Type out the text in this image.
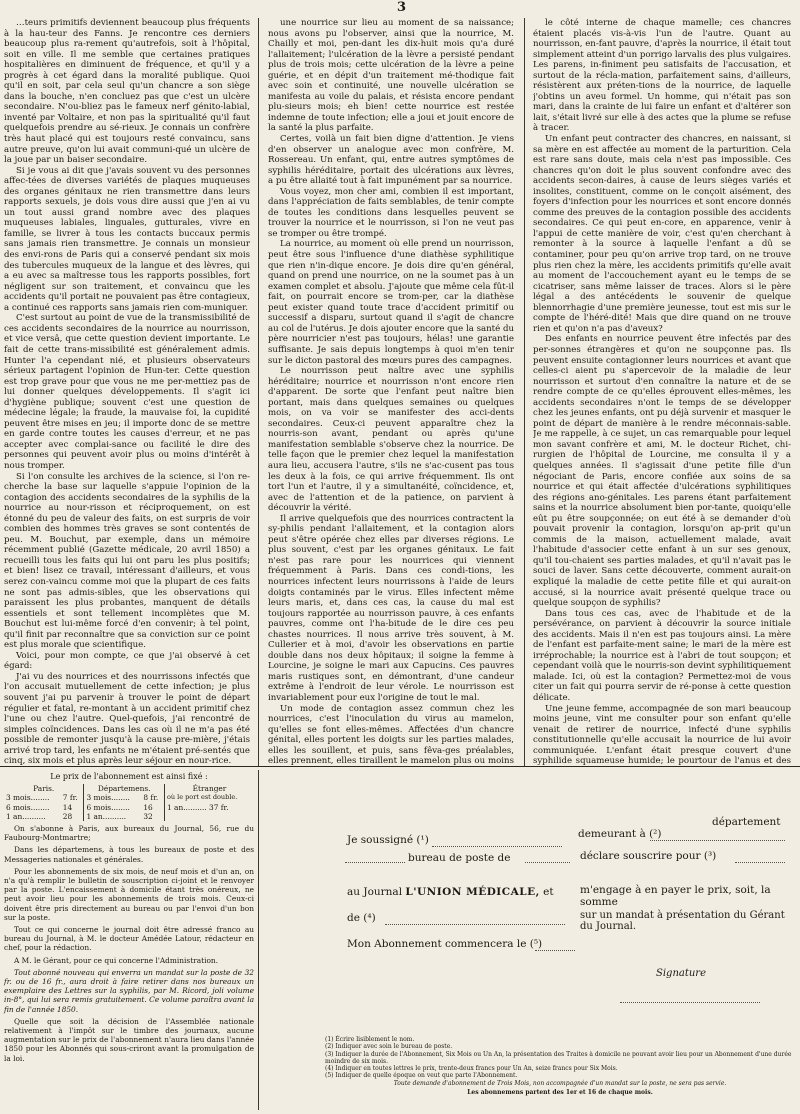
3

…teurs primitifs deviennent beaucoup plus fréquents à la hau-teur des Fanns. Je rencontre ces derniers beaucoup plus ra-rement qu'autrefois, soit à l'hôpital, soit en ville. Il me semble que certaines pratiques hospitalières en diminuent de fréquence, et qu'il y a progrès à cet égard dans la moralité publique. Quoi qu'il en soit, par cela seul qu'un chancre a son siège dans la bouche, n'en concluez pas que c'est un ulcère secondaire. N'ou-bliez pas le fameux nerf génito-labial, inventé par Voltaire, et non pas la spiritualité qu'il faut quelquefois prendre au sé-rieux. Je connais un confrère très haut placé qui est toujours resté convaincu, sans autre preuve, qu'on lui avait communi-qué un ulcère de la joue par un baiser secondaire.

Si je vous ai dit que j'avais souvent vu des personnes affec-tées de diverses variétés de plaques muqueuses des organes génitaux ne rien transmettre dans leurs rapports sexuels, je dois vous dire aussi que j'en ai vu un tout aussi grand nombre avec des plaques muqueuses labiales, linguales, gutturales, vivre en famille, se livrer à tous les contacts buccaux permis sans jamais rien transmettre. Je connais un monsieur des envi-rons de Paris qui a conservé pendant six mois des tubercules muqueux de la langue et des lèvres, qui a eu avec sa maîtresse tous les rapports possibles, fort négligent sur son traitement, et convaincu que les accidents qu'il portait ne pouvaient pas être contagieux, a continué ces rapports sans jamais rien com-muniquer.

C'est surtout au point de vue de la transmissibilité de ces accidents secondaires de la nourrice au nourrisson, et vice versâ, que cette question devient importante. Le fait de cette trans-missibilité est généralement admis. Hunter l'a cependant nié, et plusieurs observateurs sérieux partagent l'opinion de Hun-ter. Cette question est trop grave pour que vous ne me per-mettiez pas de lui donner quelques développements. Il s'agit ici d'hygiène publique; souvent c'est une question de médecine légale; la fraude, la mauvaise foi, la cupidité peuvent être mises en jeu; il importe donc de se mettre en garde contre toutes les causes d'erreur, et ne pas accepter avec complai-sance ou facilité le dire des personnes qui peuvent avoir plus ou moins d'intérêt à nous tromper.

Si l'on consulte les archives de la science, si l'on re-cherche la base sur laquelle s'appuie l'opinion de la contagion des accidents secondaires de la syphilis de la nourrice au nour-risson et réciproquement, on est étonné du peu de valeur des faits, on est surpris de voir combien des hommes très graves se sont contentés de peu. M. Bouchut, par exemple, dans un mémoire récemment publié (Gazette médicale, 20 avril 1850) a recueilli tous les faits qui lui ont paru les plus positifs; et bien! lisez ce travail, intéressant d'ailleurs, et vous serez con-vaincu comme moi que la plupart de ces faits ne sont pas admis-sibles, que les observations qui paraissent les plus probantes, manquent de détails essentiels et sont tellement incomplètes que M. Bouchut est lui-même forcé d'en convenir; à tel point, qu'il finit par reconnaître que sa conviction sur ce point est plus morale que scientifique.

Voici, pour mon compte, ce que j'ai observé à cet égard:

J'ai vu des nourrices et des nourrissons infectés que l'on accusait mutuellement de cette infection; je plus souvent j'ai pu parvenir à trouver le point de départ régulier et fatal, re-montant à un accident primitif chez l'une ou chez l'autre. Quel-quefois, j'ai rencontré de simples coïncidences. Dans les cas où il ne m'a pas été possible de remonter jusqu'à la cause pre-mière, j'étais arrivé trop tard, les enfants ne m'étaient pré-sentés que cinq, six mois et plus après leur séjour en nour-rice.

une nourrice sur lieu au moment de sa naissance; nous avons pu l'observer, ainsi que la nourrice, M. Chailly et moi, pen-dant les dix-huit mois qu'a duré l'allaitement; l'ulcération de la lèvre a persisté pendant plus de trois mois; cette ulcération de la lèvre a peine guérie, et en dépit d'un traitement mé-thodique fait avec soin et continuité, une nouvelle ulcération se manifesta au voile du palais, et résista encore pendant plu-sieurs mois; eh bien! cette nourrice est restée indemne de toute infection; elle a joui et jouit encore de la santé la plus parfaite.

Certes, voilà un fait bien digne d'attention. Je viens d'en observer un analogue avec mon confrère, M. Rossereau. Un enfant, qui, entre autres symptômes de syphilis héréditaire, portait des ulcérations aux lèvres, a pu être allaité tout à fait impunément par sa nourrice.

Vous voyez, mon cher ami, combien il est important, dans l'appréciation de faits semblables, de tenir compte de toutes les conditions dans lesquelles peuvent se trouver la nourrice et le nourrisson, si l'on ne veut pas se tromper ou être trompé.

La nourrice, au moment où elle prend un nourrisson, peut être sous l'influence d'une diathèse syphilitique que rien n'in-dique encore. Je dois dire qu'en général, quand on prend une nourrice, on ne la soumet pas à un examen complet et absolu. J'ajoute que même cela fût-il fait, on pourrait encore se trom-per, car la diathèse peut exister quand toute trace d'accident primitif ou successif a disparu, surtout quand il s'agit de chancre au col de l'utérus. Je dois ajouter encore que la santé du père nourricier n'est pas toujours, hélas! une garantie suffisante. Je sais depuis longtemps à quoi m'en tenir sur le dicton pastoral des mœurs pures des campagnes.

Le nourrisson peut naître avec une syphilis héréditaire; nourrice et nourrisson n'ont encore rien d'apparent. De sorte que l'enfant peut naître bien portant, mais dans quelques semaines ou quelques mois, on va voir se manifester des acci-dents secondaires. Ceux-ci peuvent apparaître chez la nourris-son avant, pendant ou après qu'une manifestation semblable s'observe chez la nourrice. De telle façon que le premier chez lequel la manifestation aura lieu, accusera l'autre, s'ils ne s'ac-cusent pas tous les deux à la fois, ce qui arrive fréquemment. Ils ont tort l'un et l'autre, il y a simultanéité, coïncidence, et, avec de l'attention et de la patience, on parvient à découvrir la vérité.

Il arrive quelquefois que des nourrices contractent la sy-philis pendant l'allaitement, et la contagion alors peut s'être opérée chez elles par diverses régions. Le plus souvent, c'est par les organes génitaux. Le fait n'est pas rare pour les nourrices qui viennent fréquemment à Paris. Dans ces condi-tions, les nourrices infectent leurs nourrissons à l'aide de leurs doigts contaminés par le virus. Elles infectent même leurs maris, et, dans ces cas, la cause du mal est toujours rapportée au nourrisson pauvre, à ces enfants pauvres, comme ont l'ha-bitude de le dire ces peu chastes nourrices. Il nous arrive très souvent, à M. Cullerier et à moi, d'avoir les observations en partie double dans nos deux hôpitaux; il soigne la femme à Lourcine, je soigne le mari aux Capucins. Ces pauvres maris rustiques sont, en démontrant, d'une candeur extrême à l'endroit de leur vérole. Le nourrisson est invariablement pour eux l'origine de tout le mal.

Un mode de contagion assez commun chez les nourrices, c'est l'inoculation du virus au mamelon, qu'elles se font elles-mêmes. Affectées d'un chancre génital, elles portent les doigts sur les parties malades, elles les souillent, et puis, sans fêva-ges préalables, elles prennent, elles tiraillent le mamelon plus ou moins

le côté interne de chaque mamelle; ces chancres étaient placés vis-à-vis l'un de l'autre. Quant au nourrisson, en-fant pauvre, d'après la nourrice, il était tout simplement atteint d'un porrigo larvalis des plus vulgaires. Les parens, in-finiment peu satisfaits de l'accusation, et surtout de la récla-mation, parfaitement sains, d'ailleurs, résistèrent aux préten-tions de la nourrice, de laquelle j'obtins un aveu formel. Un homme, qui n'était pas son mari, dans la crainte de lui faire un enfant et d'altérer son lait, s'était livré sur elle à des actes que la plume se refuse à tracer.

Un enfant peut contracter des chancres, en naissant, si sa mère en est affectée au moment de la parturition. Cela est rare sans doute, mais cela n'est pas impossible. Ces chancres qu'on doit le plus souvent confondre avec des accidents secon-daires, à cause de leurs sièges variés et insolites, constituent, comme on le conçoit aisément, des foyers d'infection pour les nourrices et sont encore donnés comme des preuves de la contagion possible des accidents secondaires. Ce qui peut en-core, en apparence, venir à l'appui de cette manière de voir, c'est qu'en cherchant à remonter à la source à laquelle l'enfant a dû se contaminer, pour peu qu'on arrive trop tard, on ne trouve plus rien chez la mère, les accidents primitifs qu'elle avait au moment de l'accouchement ayant eu le temps de se cicatriser, sans même laisser de traces. Alors si le père légal a des antécédents le souvenir de quelque blennorrhagie d'une première jeunesse, tout est mis sur le compte de l'héré-dité! Mais que dire quand on ne trouve rien et qu'on n'a pas d'aveux?

Des enfants en nourrice peuvent être infectés par des per-sonnes étrangères et qu'on ne soupçonne pas. Ils peuvent ensuite contagionner leurs nourrices et avant que celles-ci aient pu s'apercevoir de la maladie de leur nourrisson et surtout d'en connaître la nature et de se rendre compte de ce qu'elles éprouvent elles-mêmes, les accidents secondaires n'ont le temps de se développer chez les jeunes enfants, ont pu déjà survenir et masquer le point de départ de manière à le rendre méconnais-sable. Je me rappelle, à ce sujet, un cas remarquable pour lequel mon savant confrère et ami, M. le docteur Richet, chi-rurgien de l'hôpital de Lourcine, me consulta il y a quelques années. Il s'agissait d'une petite fille d'un négociant de Paris, encore confiée aux soins de sa nourrice et qui était affectée d'ulcérations syphilitiques des régions ano-génitales. Les parens étant parfaitement sains et la nourrice absolument bien por-tante, quoiqu'elle eût pu être soupçonnée; on eut été à se demander d'où pouvait provenir la contagion, lorsqu'on ap-prit qu'un commis de la maison, actuellement malade, avait l'habitude d'associer cette enfant à un sur ses genoux, qu'il tou-chaient ses parties malades, et qu'il n'avait pas le souci de laver. Sans cette découverte, comment aurait-on expliqué la maladie de cette petite fille et qui aurait-on accusé, si la nourrice avait présenté quelque trace ou quelque soupçon de syphilis?

Dans tous ces cas, avec de l'habitude et de la persévérance, on parvient à découvrir la source initiale des accidents. Mais il n'en est pas toujours ainsi. La mère de l'enfant est parfaite-ment saine; le mari de la mère est irréprochable; la nourrice est à l'abri de tout soupçon; et cependant voilà que le nourris-son devint syphilitiquement malade. Ici, où est la contagion? Permettez-moi de vous citer un fait qui pourra servir de ré-ponse à cette question délicate.

Une jeune femme, accompagnée de son mari beaucoup moins jeune, vint me consulter pour son enfant qu'elle venait de retirer de nourrice, infecté d'une syphilis constitutionnelle qu'elle accusait la nourrice de lui avoir communiquée. L'enfant était presque couvert d'une syphilide squameuse humide; le pourtour de l'anus et des

Le prix de l'abonnement est ainsi fixé :
Paris.		Départemens.		Étranger
3 mois........	7 fr.	3 mois........	8 fr.	où le port est double.
6 mois........	14	6 mois........	16	1 an.......... 37 fr.
1 an..........	28	1 an..........	32	

On s'abonne à Paris, aux bureaux du Journal, 56, rue du Faubourg-Montmartre;

Dans les départemens, à tous les bureaux de poste et des Messageries nationales et générales.

Pour les abonnements de six mois, de neuf mois et d'un an, on n'a qu'à remplir le bulletin de souscription ci-joint et le renvoyer par la poste. L'encaissement à domicile étant très onéreux, ne peut avoir lieu pour les abonnements de trois mois. Ceux-ci doivent être pris directement au bureau ou par l'envoi d'un bon sur la poste.

Tout ce qui concerne le journal doit être adressé franco au bureau du Journal, à M. le docteur Amédée Latour, rédacteur en chef, pour la rédaction.

A M. le Gérant, pour ce qui concerne l'Administration.

Tout abonné nouveau qui enverra un mandat sur la poste de 32 fr. ou de 16 fr., aura droit à faire retirer dans nos bureaux un exemplaire des Lettres sur la syphilis, par M. Ricord, joli volume in-8°, qui lui sera remis gratuitement. Ce volume paraîtra avant la fin de l'année 1850.

Quelle que soit la décision de l'Assemblée nationale relativement à l'impôt sur le timbre des journaux, aucune augmentation sur le prix de l'abonnement n'aura lieu dans l'année 1850 pour les Abonnés qui sous-criront avant la promulgation de la loi.

Je soussigné (¹)	demeurant à (²)
département
bureau de poste de	déclare souscrire pour (³)
au Journal L'UNION MÉDICALE, et	m'engage à en payer le prix, soit, la somme
de (⁴)	sur un mandat à présentation du Gérant du Journal.
Mon Abonnement commencera le (⁵)
Signature
(1) Écrire lisiblement le nom.
(2) Indiquer avec soin le bureau de poste.
(3) Indiquer la durée de l'Abonnement, Six Mois ou Un An, la présentation des Traites à domicile ne pouvant avoir lieu pour un Abonnement d'une durée moindre de six mois.
(4) Indiquer en toutes lettres le prix, trente-deux francs pour Un An, seize francs pour Six Mois.
(5) Indiquer de quelle époque on veut que parte l'Abonnement.
Toute demande d'abonnement de Trois Mois, non accompagnée d'un mandat sur la poste, ne sera pas servie.
Les abonnemens partent des 1er et 16 de chaque mois.
